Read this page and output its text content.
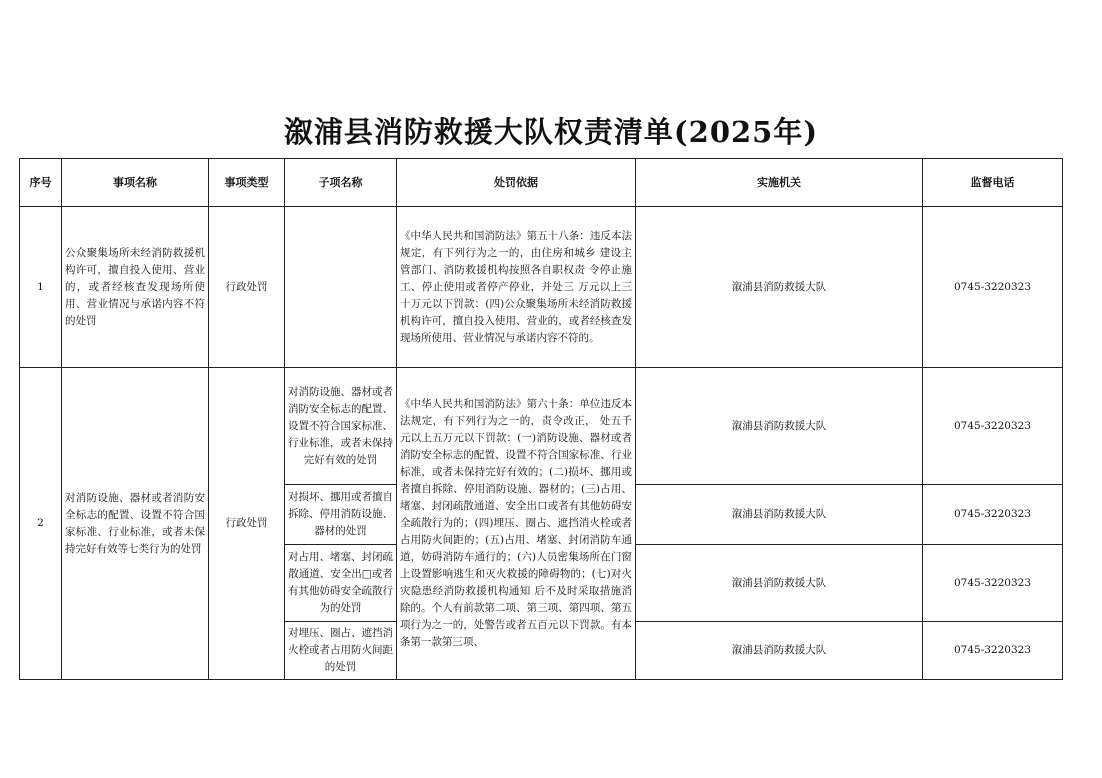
溆浦县消防救援大队权责清单(2025年)
序号	事项名称	事项类型	子项名称	处罚依据	实施机关	监督电话
1	公众聚集场所未经消防救援机构许可，擅自投入使用、营业的，或者经核查发现场所使用、营业情况与承诺内容不符的处罚	行政处罚		《中华人民共和国消防法》第五十八条：违反本法规定，有下列行为之一的，由住房和城乡 建设主管部门、消防救援机构按照各自职权责 令停止施工、停止使用或者停产停业，并处三 万元以上三十万元以下罚款：(四)公众聚集场所未经消防救援机构许可，擅自投入使用、营业的，或者经核查发现场所使用、营业情况与承诺内容不符的。	溆浦县消防救援大队	0745-3220323
2	对消防设施、器材或者消防安全标志的配置、设置不符合国家标准、行业标准，或者未保持完好有效等七类行为的处罚	行政处罚	对消防设施、器材或者消防安全标志的配置、设置不符合国家标准、行业标准，或者未保持完好有效的处罚	《中华人民共和国消防法》第六十条：单位违反本法规定，有下列行为之一的，责令改正， 处五千元以上五万元以下罚款：(一)消防设施、器材或者消防安全标志的配置、设置不符合国家标准、行业标准，或者未保持完好有效的；(二)损坏、挪用或者擅自拆除、停用消防设施、器材的；(三)占用、堵塞、封闭疏散通道、安全出口或者有其他妨碍安全疏散行为的；(四)埋压、圈占、遮挡消火栓或者占用防火间距的；(五)占用、堵塞、封闭消防车通道，妨碍消防车通行的；(六)人员密集场所在门窗上设置影响逃生和灭火救援的障碍物的；(七)对火灾隐患经消防救援机构通知 后不及时采取措施消除的。个人有前款第二项、第三项、第四项、第五项行为之一的，处警告或者五百元以下罚款。有本条第一款第三项、	溆浦县消防救援大队	0745-3220323
			对损坏、挪用或者擅自拆除、停用消防设施、器材的处罚		溆浦县消防救援大队	0745-3220323
			对占用、堵塞、封闭疏散通道、安全出□或者有其他妨碍安全疏散行为的处罚		溆浦县消防救援大队	0745-3220323
			对埋压、圈占、遮挡消火栓或者占用防火间距的处罚		溆浦县消防救援大队	0745-3220323
